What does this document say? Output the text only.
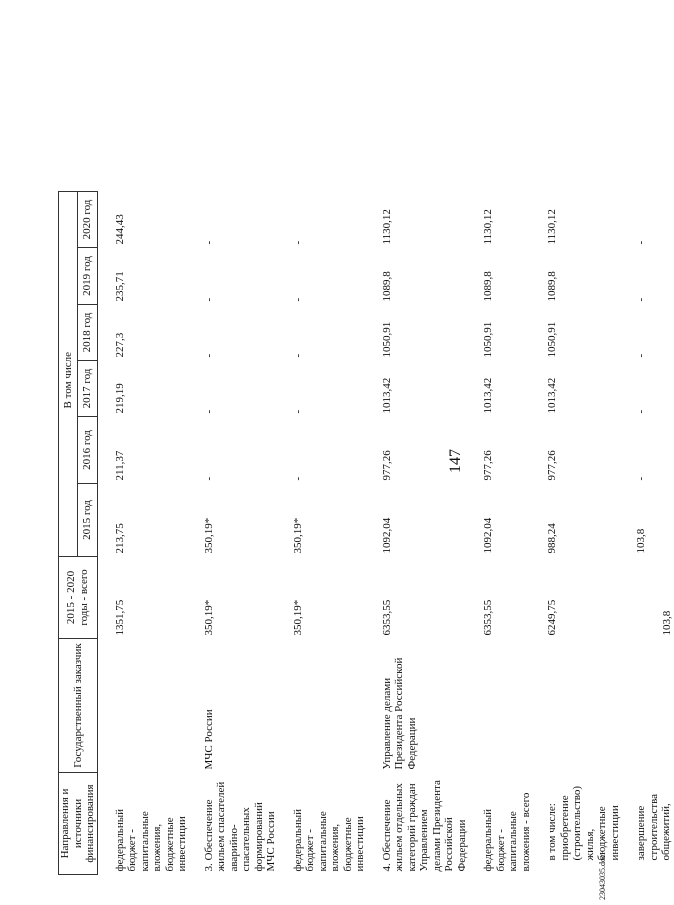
147
Направления и источники финансирования	Государственный заказчик	2015 - 2020 годы - всего	В том числе					
			2015 год	2016 год	2017 год	2018 год	2019 год	2020 год
федеральный бюджет - капитальные вложения, бюджетные инвестиции		1351,75	213,75	211,37	219,19	227,3	235,71	244,43
3. Обеспечение жильем спасателей аварийно-спасательных формирований МЧС России	МЧС России	350,19*	350,19*	-	-	-	-	-
федеральный бюджет - капитальные вложения, бюджетные инвестиции		350,19*	350,19*	-	-	-	-	-
4. Обеспечение жильем отдельных категорий граждан Управлением делами Президента Российской Федерации	Управление делами Президента Российской Федерации	6353,55	1092,04	977,26	1013,42	1050,91	1089,8	1130,12
федеральный бюджет - капитальные вложения - всего		6353,55	1092,04	977,26	1013,42	1050,91	1089,8	1130,12
в том числе: приобретение (строительство) жилья, бюджетные инвестиции		6249,75	988,24	977,26	1013,42	1050,91	1089,8	1130,12
завершение строительства общежитий,		103,8	103,8	-	-	-	-	-
23043035.doc
